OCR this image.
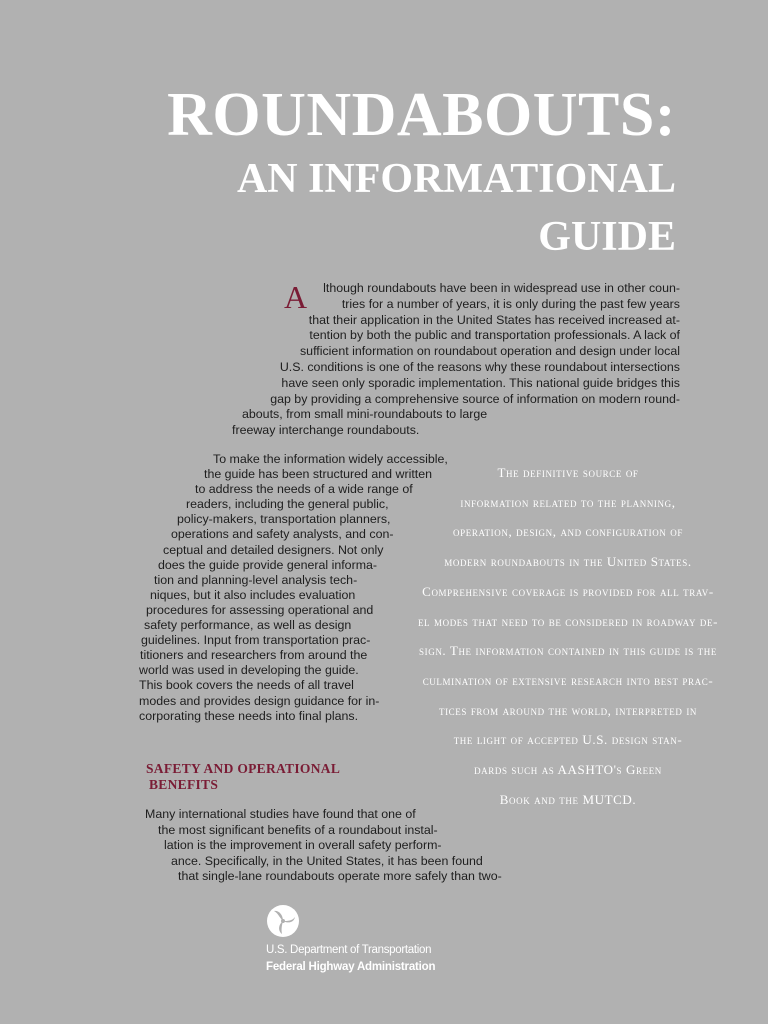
ROUNDABOUTS:
AN INFORMATIONAL
GUIDE
A	lthough roundabouts have been in widespread use in other coun-
tries for a number of years, it is only during the past few years
that their application in the United States has received increased at-
tention by both the public and transportation professionals. A lack of
sufficient information on roundabout operation and design under local
U.S. conditions is one of the reasons why these roundabout intersections
have seen only sporadic implementation. This national guide bridges this
gap by providing a comprehensive source of information on modern round-
abouts, from small mini-roundabouts to large
freeway interchange roundabouts.
To make the information widely accessible,
the guide has been structured and written
to address the needs of a wide range of
readers, including the general public,
policy-makers, transportation planners,
operations and safety analysts, and con-
ceptual and detailed designers. Not only
does the guide provide general informa-
tion and planning-level analysis tech-
niques, but it also includes evaluation
procedures for assessing operational and
safety performance, as well as design
guidelines. Input from transportation prac-
titioners and researchers from around the
world was used in developing the guide.
This book covers the needs of all travel
modes and provides design guidance for in-
corporating these needs into final plans.
SAFETY AND OPERATIONAL
BENEFITS
Many international studies have found that one of
the most significant benefits of a roundabout instal-
lation is the improvement in overall safety perform-
ance. Specifically, in the United States, it has been found
that single-lane roundabouts operate more safely than two-
The definitive source of
information related to the planning,
operation, design, and configuration of
modern roundabouts in the United States.
Comprehensive coverage is provided for all trav-
el modes that need to be considered in roadway de-
sign. The information contained in this guide is the
culmination of extensive research into best prac-
tices from around the world, interpreted in
the light of accepted U.S. design stan-
dards such as AASHTO's Green
Book and the MUTCD.

U.S. Department of Transportation

Federal Highway Administration
